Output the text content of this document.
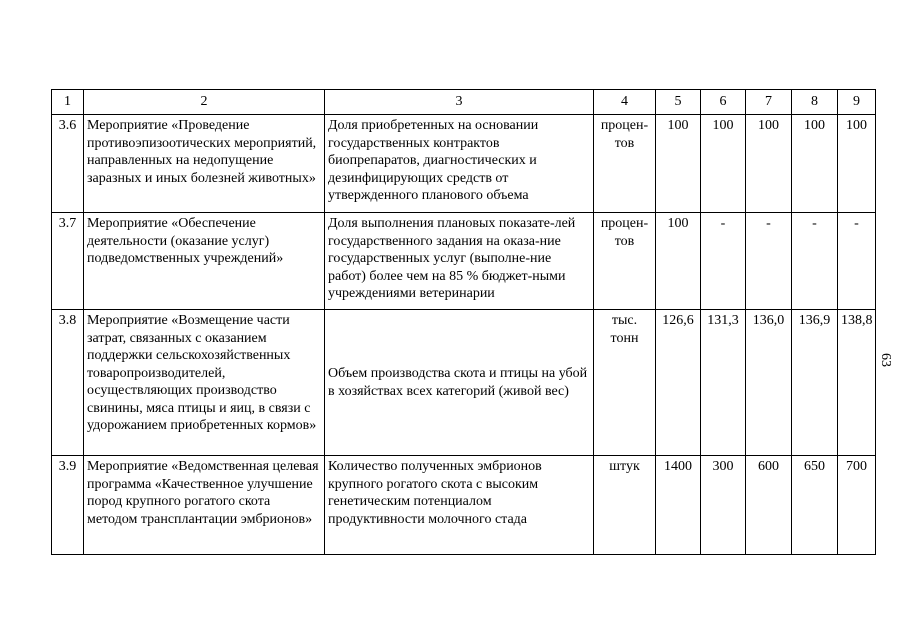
1	2	3	4	5	6	7	8	9
3.6	Мероприятие «Проведение противоэпизоотических мероприятий, направленных на недопущение заразных и иных болезней животных»	Доля приобретенных на основании государственных контрактов биопрепаратов, диагностических и дезинфицирующих средств от утвержденного планового объема	процен-тов	100	100	100	100	100
3.7	Мероприятие «Обеспечение деятельности (оказание услуг) подведомственных учреждений»	Доля выполнения плановых показате-лей государственного задания на оказа-ние государственных услуг (выполне-ние работ) более чем на 85 % бюджет-ными учреждениями ветеринарии	процен-тов	100	-	-	-	-
3.8	Мероприятие «Возмещение части затрат, связанных с оказанием поддержки сельскохозяйственных товаропроизводителей, осуществляющих производство свинины, мяса птицы и яиц, в связи с удорожанием приобретенных кормов»	Объем производства скота и птицы на убой в хозяйствах всех категорий (живой вес)	тыс. тонн	126,6	131,3	136,0	136,9	138,8
3.9	Мероприятие «Ведомственная целевая программа «Качественное улучшение пород крупного рогатого скота методом трансплантации эмбрионов»	Количество полученных эмбрионов крупного рогатого скота с высоким генетическим потенциалом продуктивности молочного стада	штук	1400	300	600	650	700
63
